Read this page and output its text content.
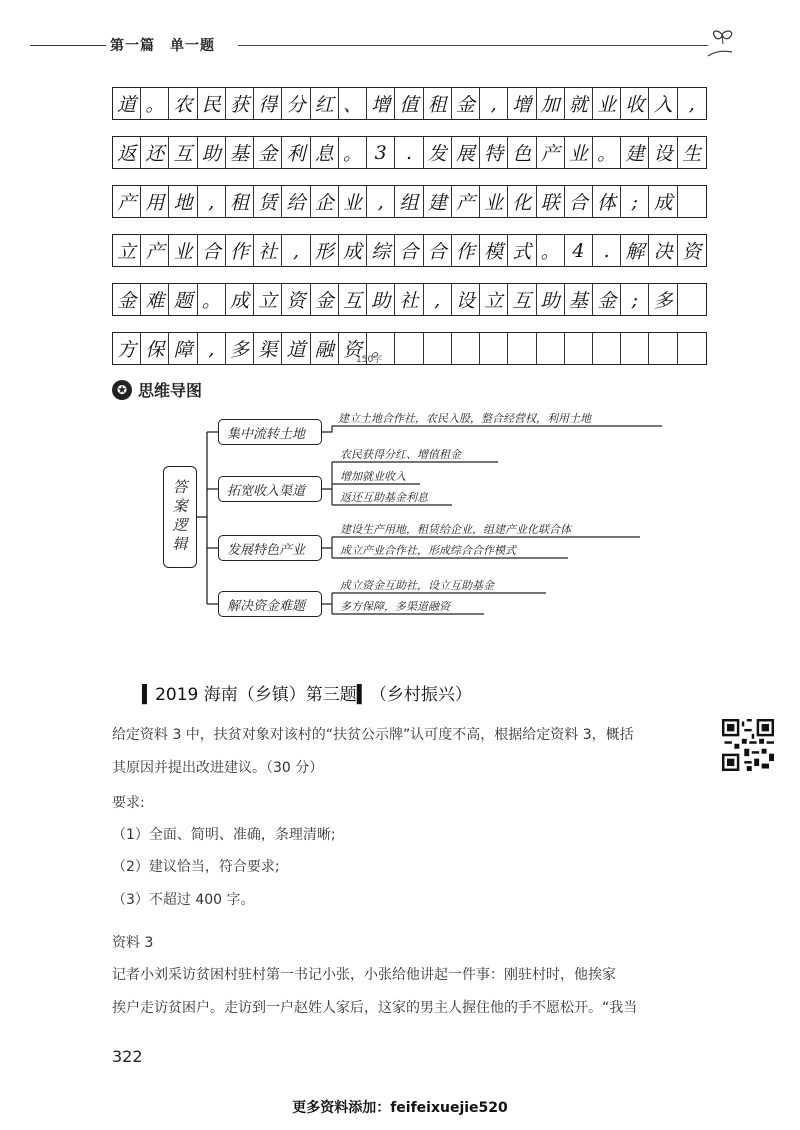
第一篇　单一题
道 。 农 民 获 得 分 红 、 增 值 租 金 , 增 加 就 业 收 入 ,
返 还 互 助 基 金 利 息 。 3	. 发 展 特 色 产 业 。 建 设 生
产 用 地 , 租 赁 给 企 业 , 组 建 产 业 化 联 合 体 ; 成
立 产 业 合 作 社 , 形 成 综 合 合 作 模 式 。 4	. 解 决 资
金 难 题 。 成 立 资 金 互 助 社 , 设 立 互 助 基 金 ; 多
方 保 障 , 多 渠 道 融 资 。
150字
✪ 思维导图
答案逻辑
集中流转土地
拓宽收入渠道
发展特色产业
解决资金难题
建立土地合作社，农民入股，整合经营权，利用土地
农民获得分红、增值租金
增加就业收入
返还互助基金利息
建设生产用地，租赁给企业，组建产业化联合体
成立产业合作社，形成综合合作模式
成立资金互助社，设立互助基金
多方保障，多渠道融资
▍2019 海南（乡镇）第三题▍（乡村振兴）
给定资料 3 中，扶贫对象对该村的“扶贫公示牌”认可度不高，根据给定资料 3，概括
其原因并提出改进建议。（30 分）
要求:
（1）全面、简明、准确，条理清晰;
（2）建议恰当，符合要求;
（3）不超过 400 字。
资料 3
记者小刘采访贫困村驻村第一书记小张，小张给他讲起一件事：刚驻村时，他挨家
挨户走访贫困户。走访到一户赵姓人家后，这家的男主人握住他的手不愿松开。“我当
322
更多资料添加：feifeixuejie520
